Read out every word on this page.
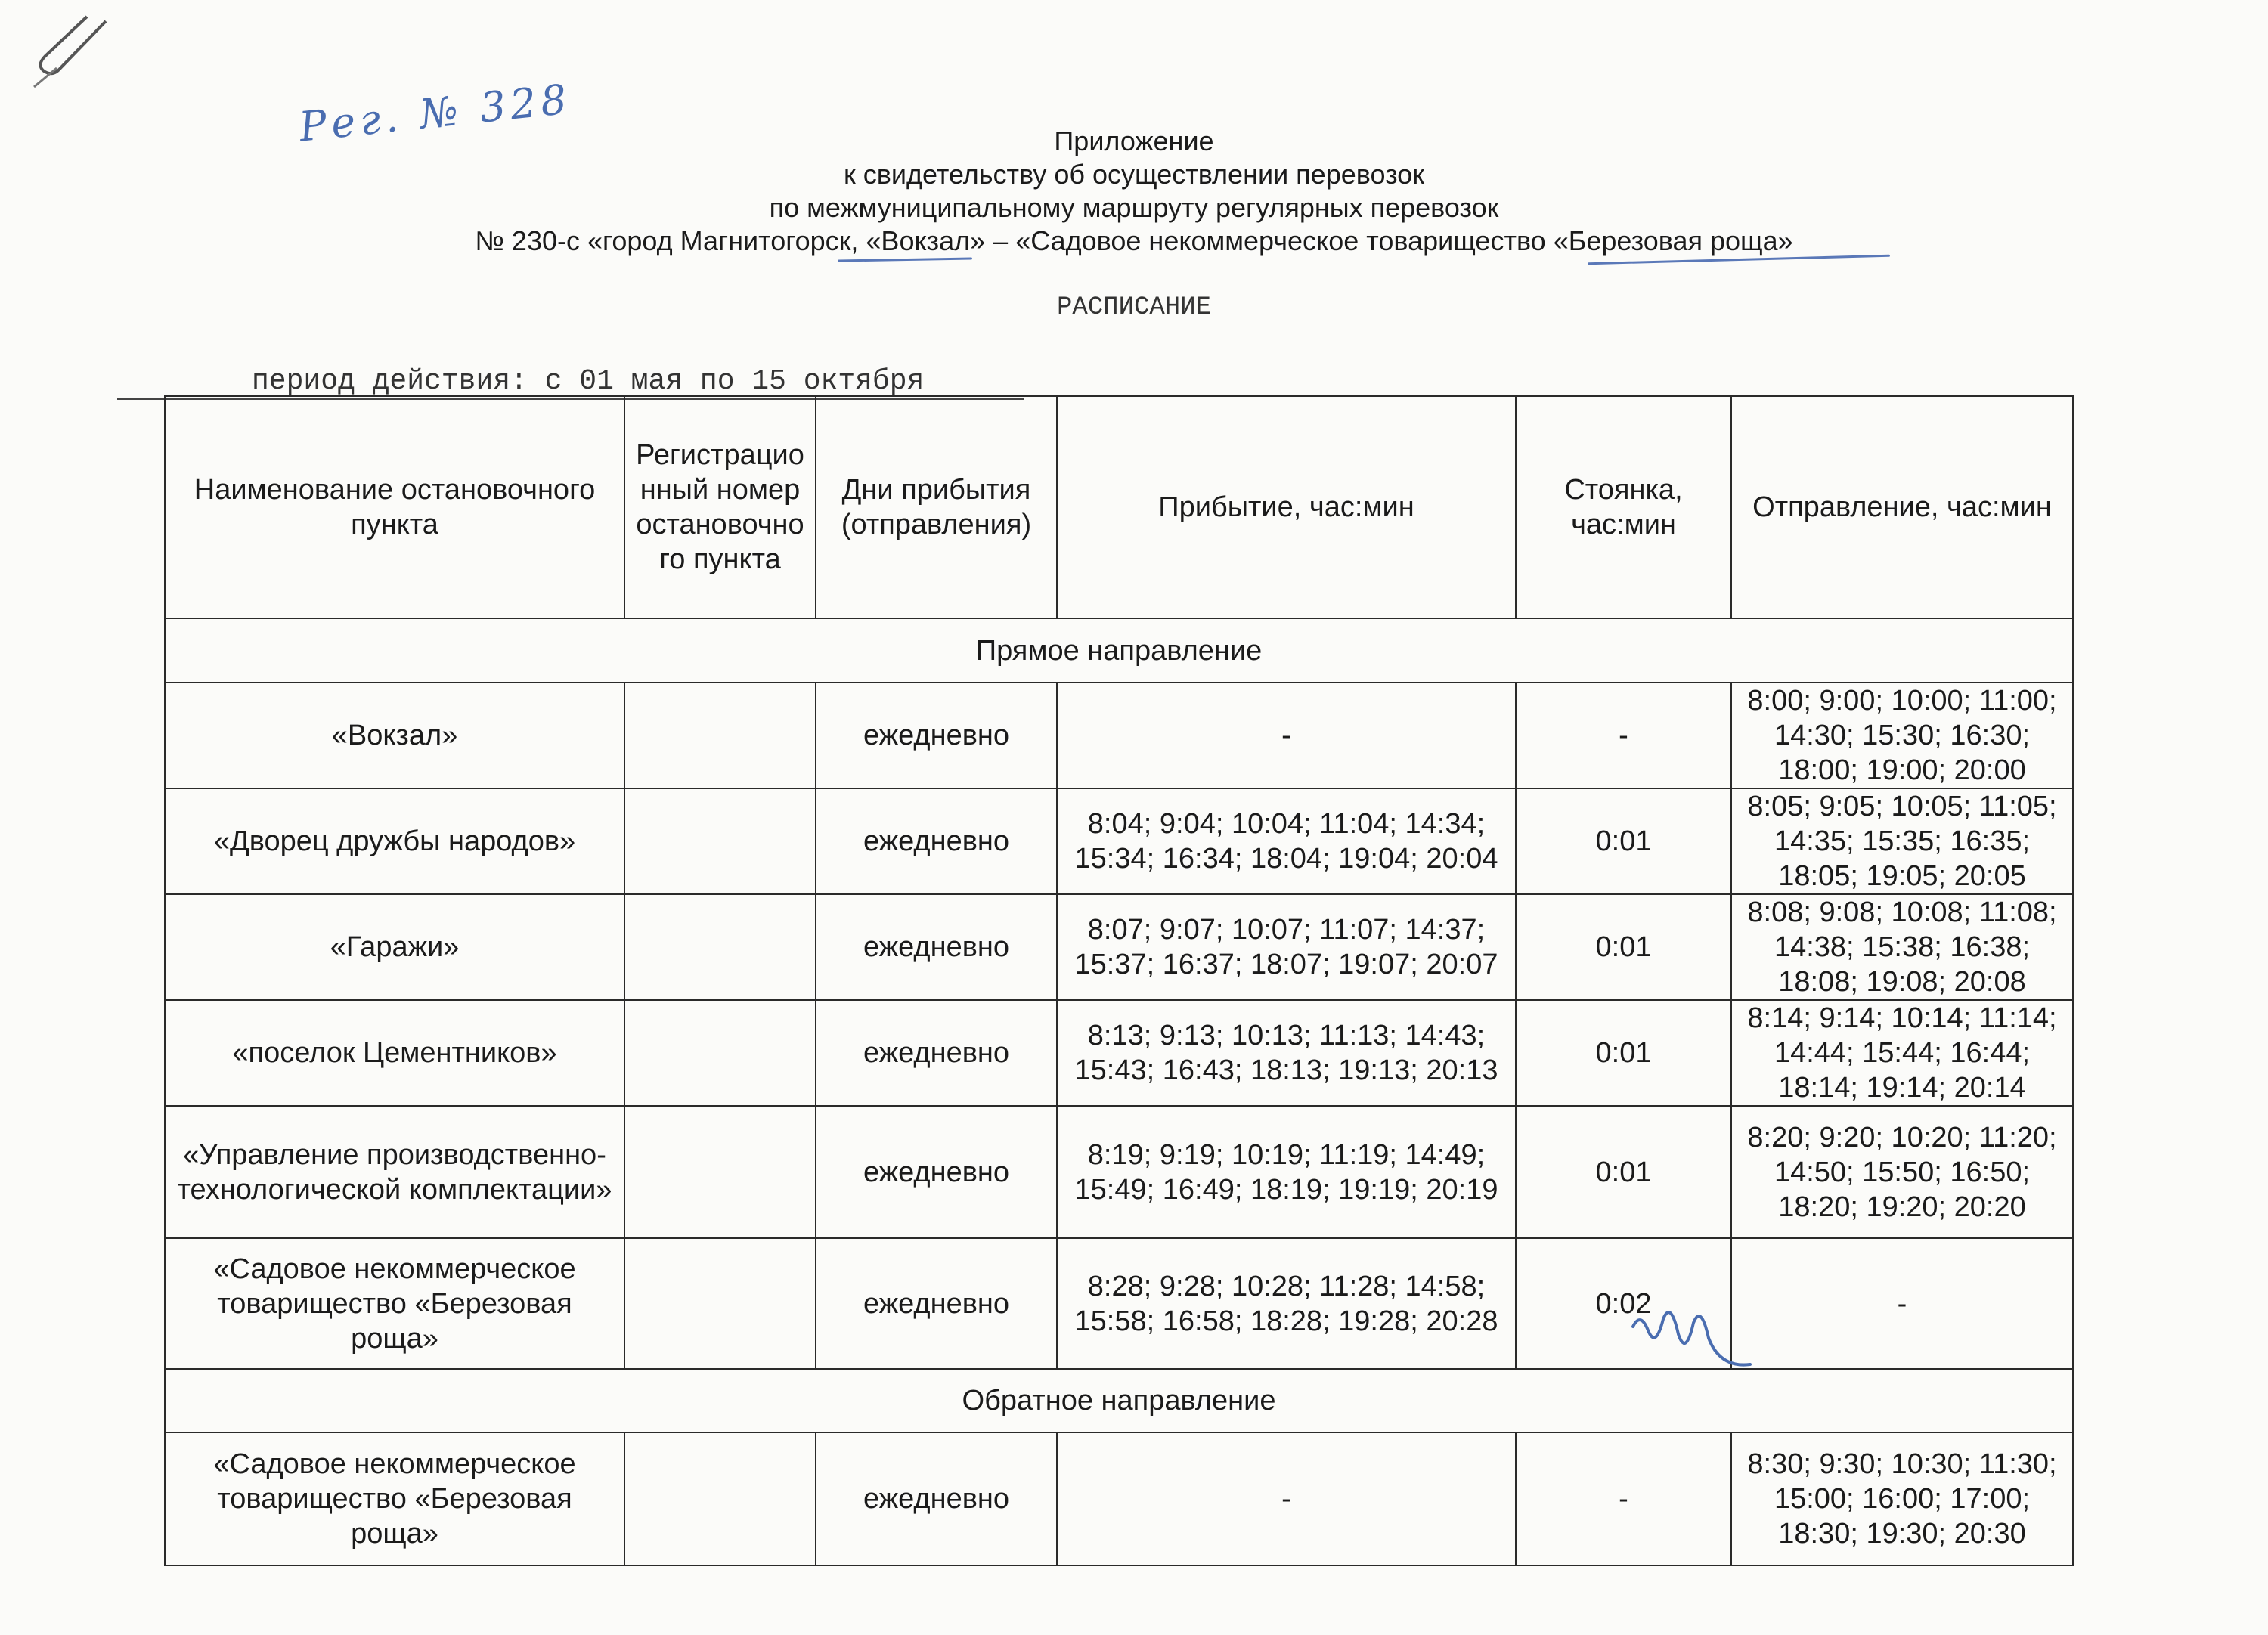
Рег. № 328	Приложение
к свидетельству об осуществлении перевозок
по межмуниципальному маршруту регулярных перевозок
№ 230-с «город Магнитогорск, «Вокзал» – «Садовое некоммерческое товарищество «Березовая роща»
РАСПИСАНИЕ
период действия: с 01 мая по 15 октября
Наименование остановочного пункта	Регистрационный номер остановочного пункта	Дни прибытия (отправления)	Прибытие, час:мин	Стоянка, час:мин	Отправление, час:мин
Прямое направление					
«Вокзал»		ежедневно	-	-	8:00; 9:00; 10:00; 11:00; 14:30; 15:30; 16:30; 18:00; 19:00; 20:00
«Дворец дружбы народов»		ежедневно	8:04; 9:04; 10:04; 11:04; 14:34; 15:34; 16:34; 18:04; 19:04; 20:04	0:01	8:05; 9:05; 10:05; 11:05; 14:35; 15:35; 16:35; 18:05; 19:05; 20:05
«Гаражи»		ежедневно	8:07; 9:07; 10:07; 11:07; 14:37; 15:37; 16:37; 18:07; 19:07; 20:07	0:01	8:08; 9:08; 10:08; 11:08; 14:38; 15:38; 16:38; 18:08; 19:08; 20:08
«поселок Цементников»		ежедневно	8:13; 9:13; 10:13; 11:13; 14:43; 15:43; 16:43; 18:13; 19:13; 20:13	0:01	8:14; 9:14; 10:14; 11:14; 14:44; 15:44; 16:44; 18:14; 19:14; 20:14
«Управление производственно-технологической комплектации»		ежедневно	8:19; 9:19; 10:19; 11:19; 14:49; 15:49; 16:49; 18:19; 19:19; 20:19	0:01	8:20; 9:20; 10:20; 11:20; 14:50; 15:50; 16:50; 18:20; 19:20; 20:20
«Садовое некоммерческое товарищество «Березовая роща»		ежедневно	8:28; 9:28; 10:28; 11:28; 14:58; 15:58; 16:58; 18:28; 19:28; 20:28	0:02	-
Обратное направление					
«Садовое некоммерческое товарищество «Березовая роща»		ежедневно	-	-	8:30; 9:30; 10:30; 11:30; 15:00; 16:00; 17:00; 18:30; 19:30; 20:30
